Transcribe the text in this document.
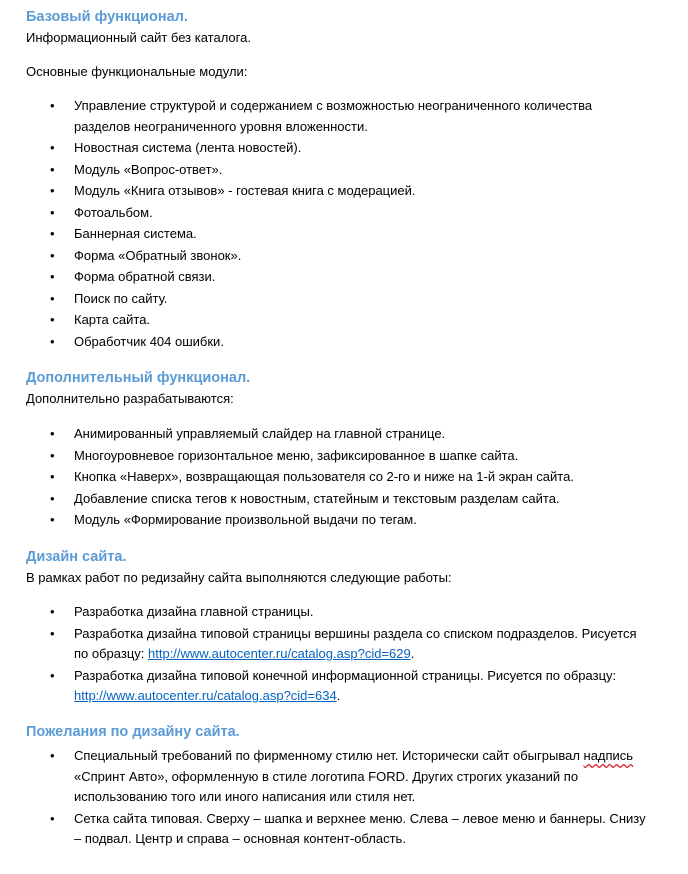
Базовый функционал.

Информационный сайт без каталога.

Основные функциональные модули:

• Управление структурой и содержанием с возможностью неограниченного количества разделов неограниченного уровня вложенности.
• Новостная система (лента новостей).
• Модуль «Вопрос-ответ».
• Модуль «Книга отзывов» - гостевая книга с модерацией.
• Фотоальбом.
• Баннерная система.
• Форма «Обратный звонок».
• Форма обратной связи.
• Поиск по сайту.
• Карта сайта.
• Обработчик 404 ошибки.
Дополнительный функционал.

Дополнительно разрабатываются:

• Анимированный управляемый слайдер на главной странице.
• Многоуровневое горизонтальное меню, зафиксированное в шапке сайта.
• Кнопка «Наверх», возвращающая пользователя со 2-го и ниже на 1-й экран сайта.
• Добавление списка тегов к новостным, статейным и текстовым разделам сайта.
• Модуль «Формирование произвольной выдачи по тегам.
Дизайн сайта.

В рамках работ по редизайну сайта выполняются следующие работы:

• Разработка дизайна главной страницы.
• Разработка дизайна типовой страницы вершины раздела со списком подразделов. Рисуется по образцу: http://www.autocenter.ru/catalog.asp?cid=629.
• Разработка дизайна типовой конечной информационной страницы. Рисуется по образцу: http://www.autocenter.ru/catalog.asp?cid=634.
Пожелания по дизайну сайта.
• Специальный требований по фирменному стилю нет. Исторически сайт обыгрывал надпись «Спринт Авто», оформленную в стиле логотипа FORD. Других строгих указаний по использованию того или иного написания или стиля нет.
• Сетка сайта типовая. Сверху – шапка и верхнее меню. Слева – левое меню и баннеры. Снизу – подвал. Центр и справа – основная контент-область.
